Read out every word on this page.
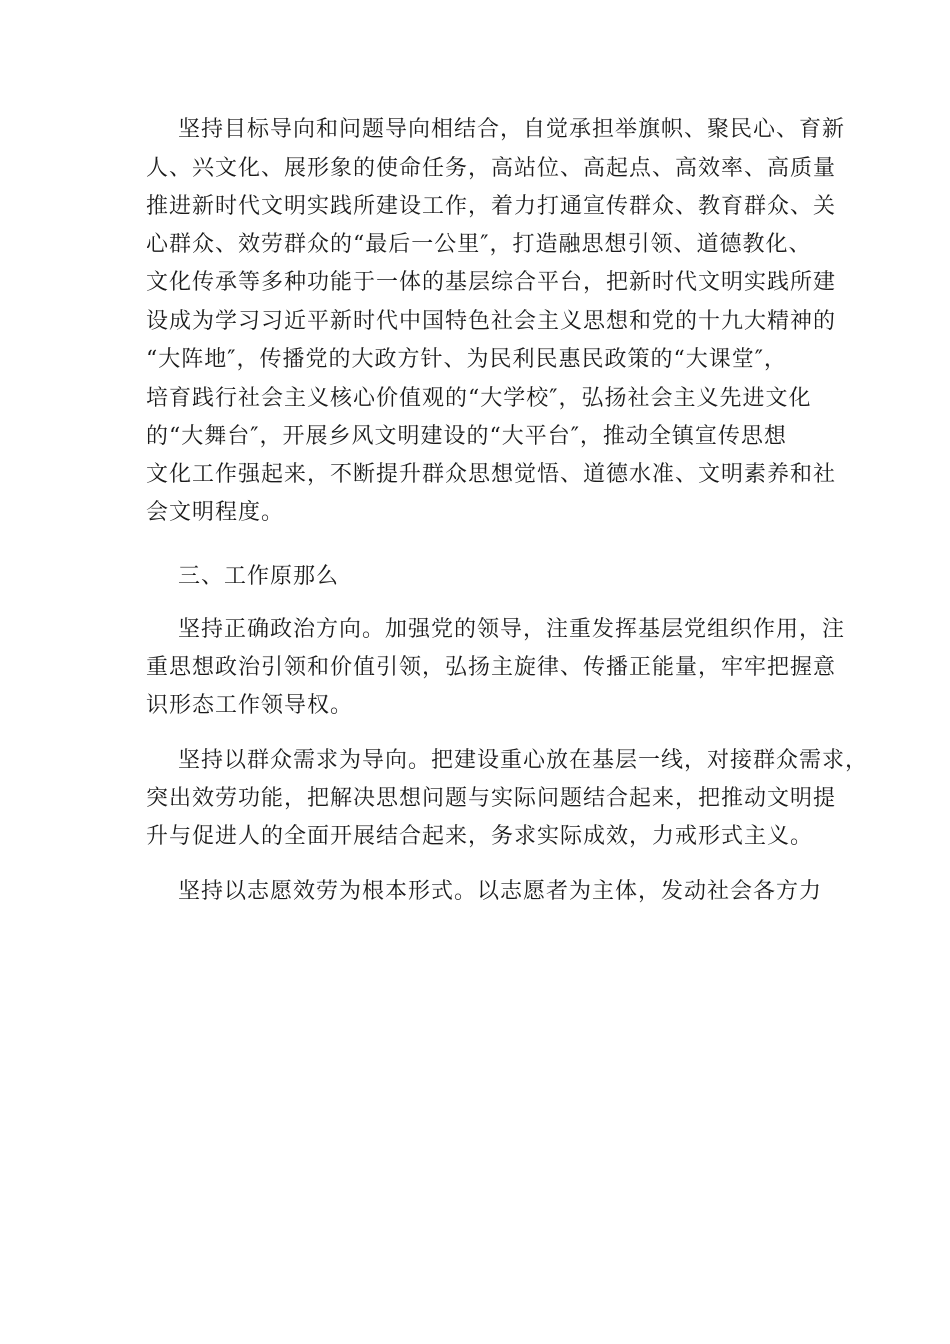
坚持目标导向和问题导向相结合，自觉承担举旗帜、聚民心、育新
人、兴文化、展形象的使命任务，高站位、高起点、高效率、高质量
推进新时代文明实践所建设工作，着力打通宣传群众、教育群众、关
心群众、效劳群众的“最后一公里″，打造融思想引领、道德教化、
文化传承等多种功能于一体的基层综合平台，把新时代文明实践所建
设成为学习习近平新时代中国特色社会主义思想和党的十九大精神的
“大阵地″，传播党的大政方针、为民利民惠民政策的“大课堂″，
培育践行社会主义核心价值观的“大学校″，弘扬社会主义先进文化
的“大舞台″，开展乡风文明建设的“大平台″，推动全镇宣传思想
文化工作强起来，不断提升群众思想觉悟、道德水准、文明素养和社
会文明程度。
三、工作原那么
坚持正确政治方向。加强党的领导，注重发挥基层党组织作用，注
重思想政治引领和价值引领，弘扬主旋律、传播正能量，牢牢把握意
识形态工作领导权。
坚持以群众需求为导向。把建设重心放在基层一线，对接群众需求，
突出效劳功能，把解决思想问题与实际问题结合起来，把推动文明提
升与促进人的全面开展结合起来，务求实际成效，力戒形式主义。
坚持以志愿效劳为根本形式。以志愿者为主体，发动社会各方力
